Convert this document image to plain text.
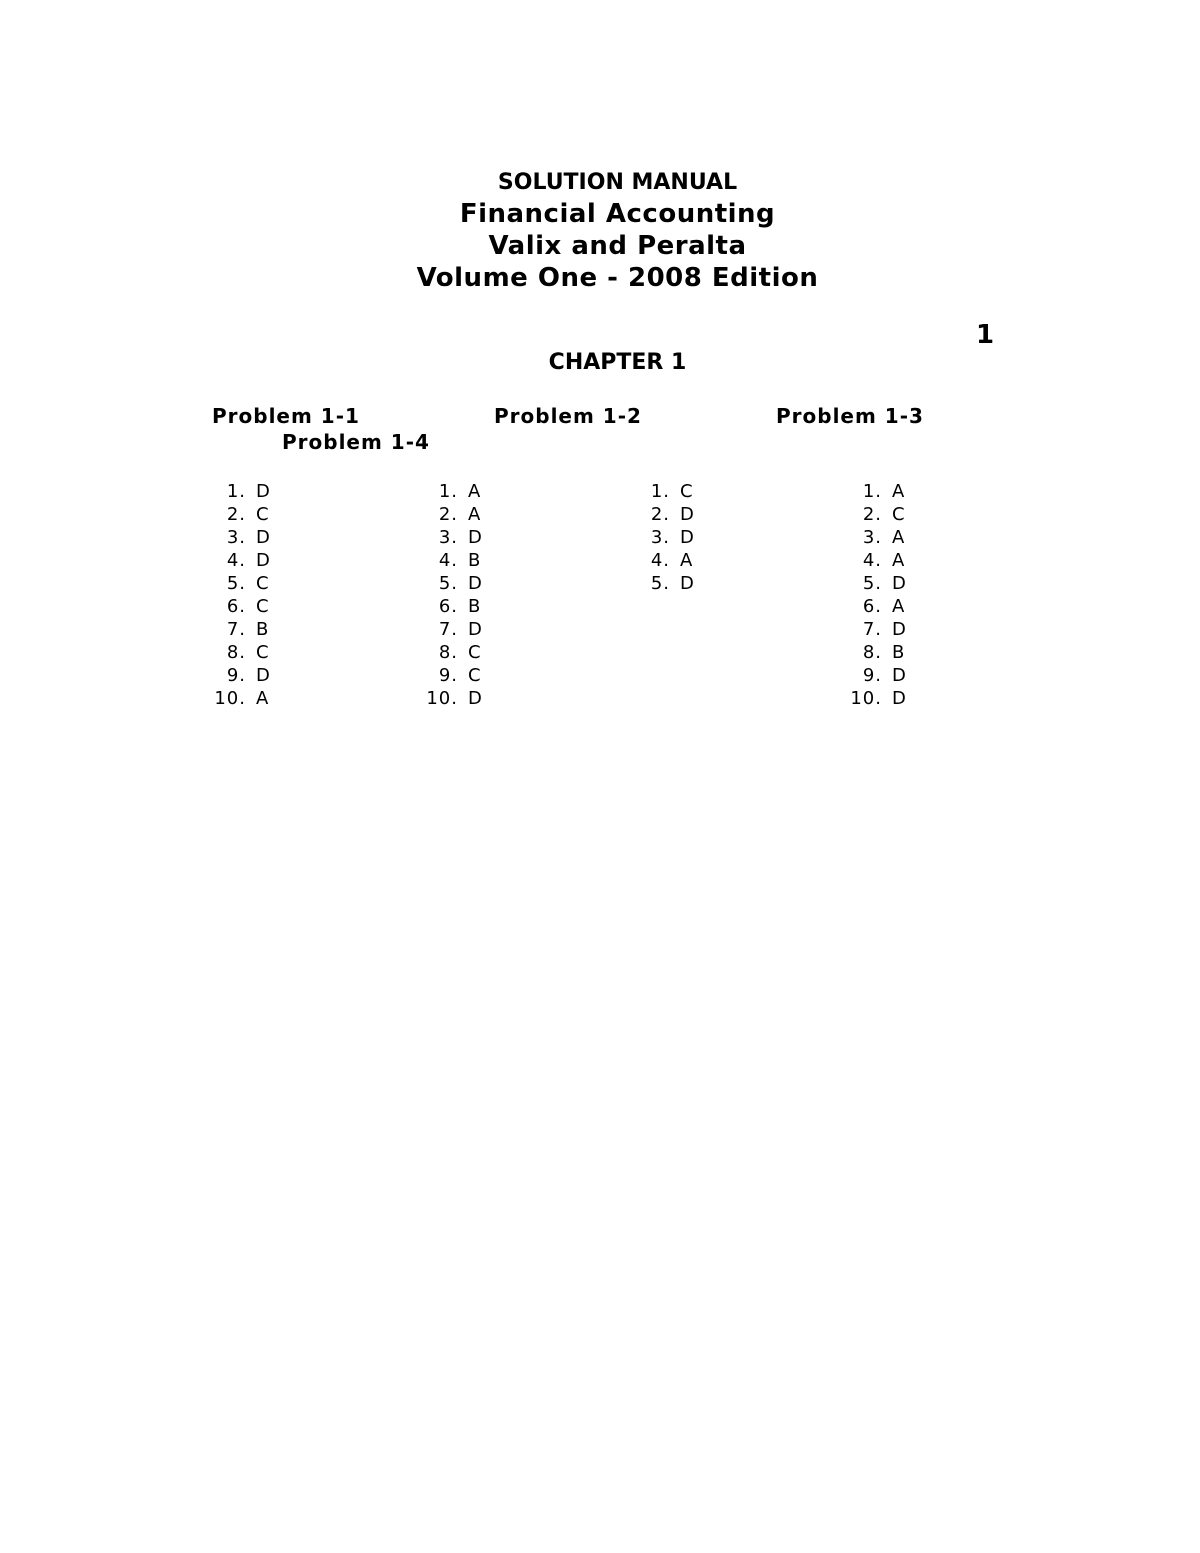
SOLUTION MANUAL
Financial Accounting
Valix and Peralta
Volume One - 2008 Edition
1
CHAPTER 1
Problem 1-1	Problem 1-2	Problem 1-3
Problem 1-4
1. D
2. C
3. D
4. D
5. C
6. C
7. B
8. C
9. D
10. A
1. A
2. A
3. D
4. B
5. D
6. B
7. D
8. C
9. C
10. D
1. C
2. D
3. D
4. A
5. D
1. A
2. C
3. A
4. A
5. D
6. A
7. D
8. B
9. D
10. D
